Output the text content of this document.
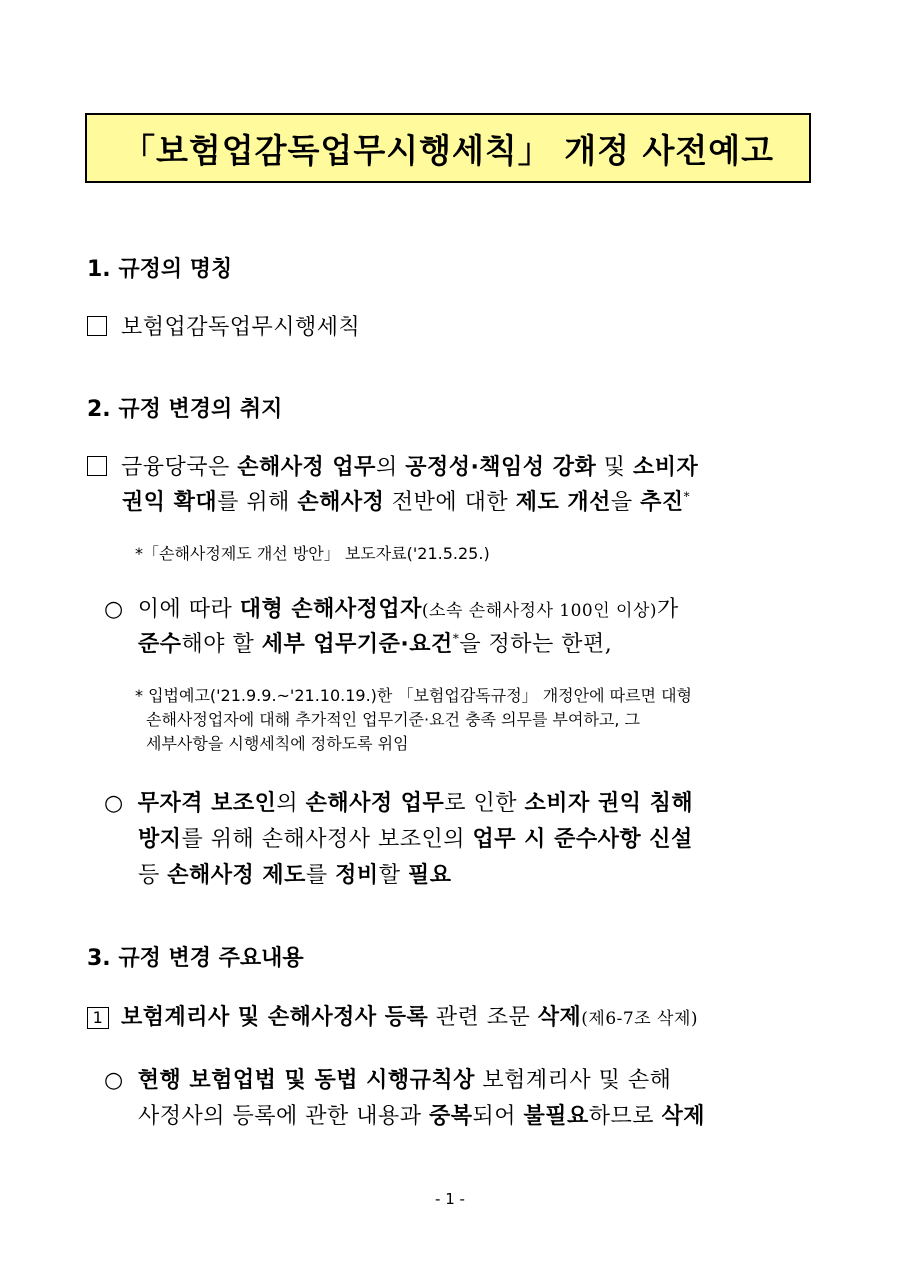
「보험업감독업무시행세칙」 개정 사전예고
1. 규정의 명칭
보험업감독업무시행세칙
2. 규정 변경의 취지
금융당국은 손해사정 업무의 공정성·책임성 강화 및 소비자
권익 확대를 위해 손해사정 전반에 대한 제도 개선을 추진*
*「손해사정제도 개선 방안」 보도자료('21.5.25.)
○ 이에 따라 대형 손해사정업자(소속 손해사정사 100인 이상)가
준수해야 할 세부 업무기준·요건*을 정하는 한편,
* 입법예고('21.9.9.~'21.10.19.)한 「보험업감독규정」 개정안에 따르면 대형
손해사정업자에 대해 추가적인 업무기준·요건 충족 의무를 부여하고, 그
세부사항을 시행세칙에 정하도록 위임
○ 무자격 보조인의 손해사정 업무로 인한 소비자 권익 침해
방지를 위해 손해사정사 보조인의 업무 시 준수사항 신설
등 손해사정 제도를 정비할 필요
3. 규정 변경 주요내용
1 보험계리사 및 손해사정사 등록 관련 조문 삭제(제6-7조 삭제)
○ 현행 보험업법 및 동법 시행규칙상 보험계리사 및 손해
사정사의 등록에 관한 내용과 중복되어 불필요하므로 삭제
- 1 -
